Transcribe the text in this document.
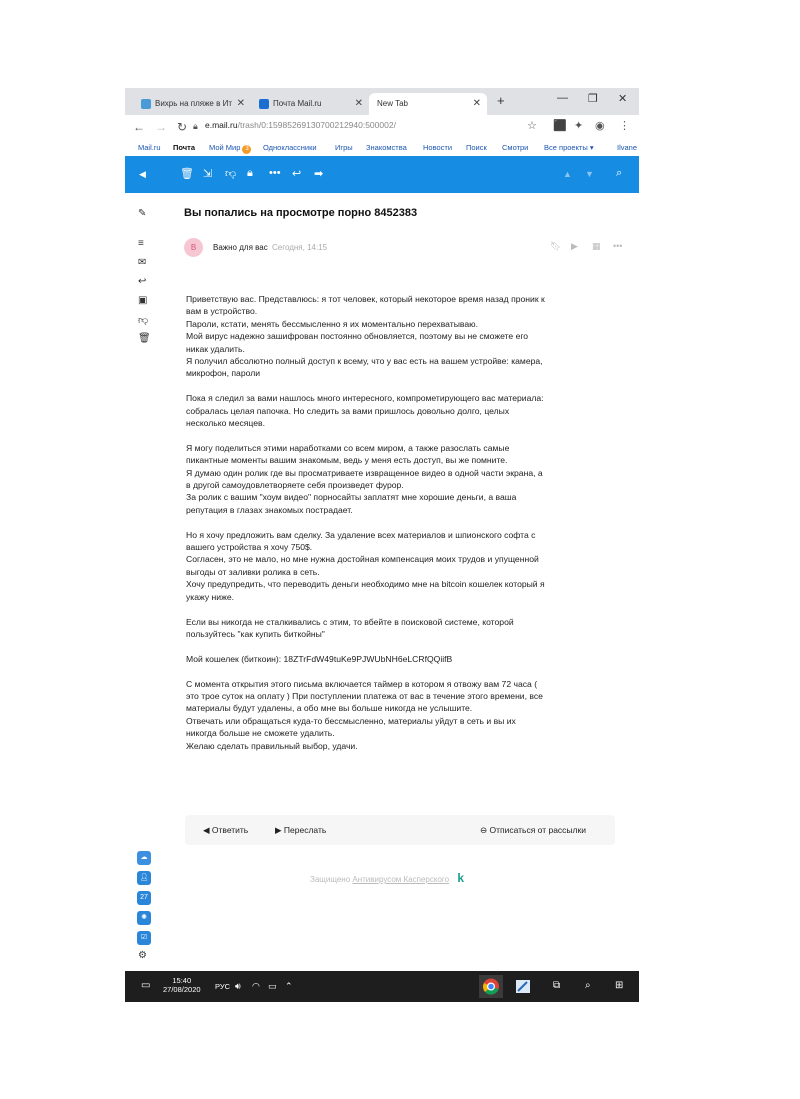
Вихрь на пляже в Ит ✕	Почта Mail.ru	✕	New Tab	✕ +	— ❐ ✕
← → ↻ 🔒︎ e.mail.ru/trash/0:15985269130700212940:500002/	☆ ⬛ ✦ ◉ ⋮
Mail.ru Почта Мой Мир 3	Одноклассники Игры Знакомства Новости Поиск Смотри Все проекты ▾	Ilvane
◀	🗑︎ ⇲ 👎︎ 🔒︎ ••• ↩ ➡	▲ ▼ ⌕
✎
≡
✉
↩
▣
👎︎
🗑︎
☁
👤︎
27
✺
☑
⚙
Вы попались на просмотре порно 8452383
В	Важно для вас Сегодня, 14:15	🔖︎ ▶ ▦ •••

Приветствую вас. Представлюсь: я тот человек, который некоторое время назад проник к вам в устройство.

Пароли, кстати, менять бессмысленно я их моментально перехватываю.

Мой вирус надежно зашифрован постоянно обновляется, поэтому вы не сможете его никак удалить.

Я получил абсолютно полный доступ к всему, что у вас есть на вашем устройве: камера, микрофон, пароли

Пока я следил за вами нашлось много интересного, компрометирующего вас материала: собралась целая папочка. Но следить за вами пришлось довольно долго, целых несколько месяцев.

Я могу поделиться этими наработками со всем миром, а также разослать самые пикантные моменты вашим знакомым, ведь у меня есть доступ, вы же помните.

Я думаю один ролик где вы просматриваете извращенное видео в одной части экрана, а в другой самоудовлетворяете себя произведет фурор.

За ролик с вашим "хоум видео" порносайты заплатят мне хорошие деньги, а ваша репутация в глазах знакомых пострадает.

Но я хочу предложить вам сделку. За удаление всех материалов и шпионского софта с вашего устройства я хочу 750$.

Согласен, это не мало, но мне нужна достойная компенсация моих трудов и упущенной выгоды от заливки ролика в сеть.

Хочу предупредить, что переводить деньги необходимо мне на bitcoin кошелек который я укажу ниже.

Если вы никогда не сталкивались с этим, то вбейте в поисковой системе, которой пользуйтесь "как купить биткойны"

Мой кошелек (биткоин): 18ZTrFdW49tuKe9PJWUbNH6eLCRfQQiifB

С момента открытия этого письма включается таймер в котором я отвожу вам 72 часа ( это трое суток на оплату ) При поступлении платежа от вас в течение этого времени, все материалы будут удалены, а обо мне вы больше никогда не услышите.

Отвечать или обращаться куда-то бессмысленно, материалы уйдут в сеть и вы их никогда больше не сможете удалить.

Желаю сделать правильный выбор, удачи.

◀︎ Ответить	▶︎ Переслать	⊖ Отписаться от рассылки
Защищено Антивирусом Касперского k
▭	15:40
27/08/2020 РУС 🔊︎ ◠ ▭ ⌃	⧉ ⌕ ⊞
